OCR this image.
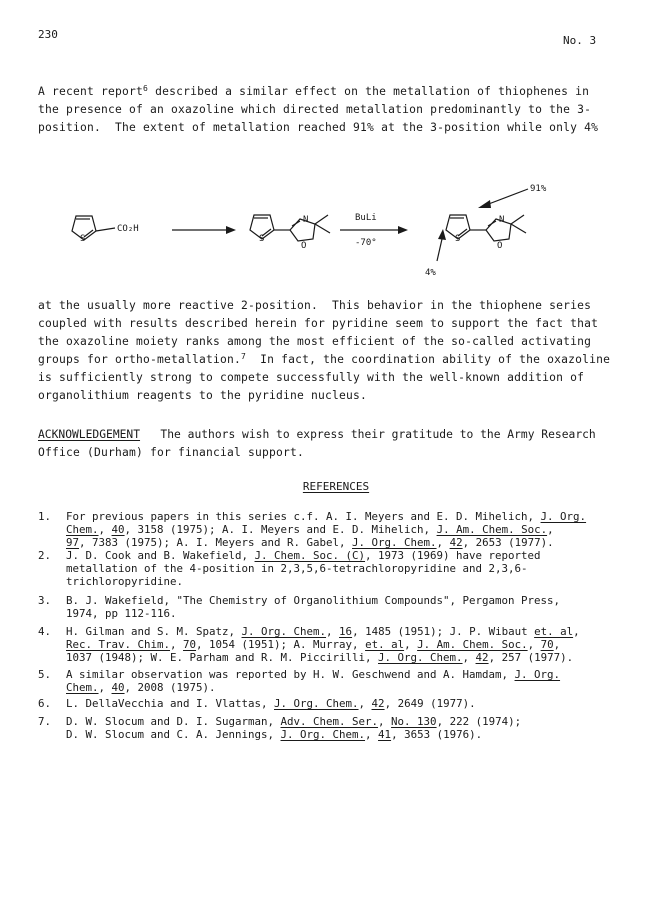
230	No. 3
A recent report$^6$ described a similar effect on the metallation of thiophenes in
the presence of an oxazoline which directed metallation predominantly to the 3-
position.  The extent of metallation reached 91% at the 3-position while only 4%
S
CO₂H
S
N
O
S
N
O
BuLi
-70°
91%
4%
at the usually more reactive 2-position.  This behavior in the thiophene series
coupled with results described herein for pyridine seem to support the fact that
the oxazoline moiety ranks among the most efficient of the so-called activating
groups for ortho-metallation.$^7$  In fact, the coordination ability of the oxazoline
is sufficiently strong to compete successfully with the well-known addition of
organolithium reagents to the pyridine nucleus.
ACKNOWLEDGEMENT   The authors wish to express their gratitude to the Army Research
Office (Durham) for financial support.
REFERENCES
1. For previous papers in this series c.f. A. I. Meyers and E. D. Mihelich, J. Org.
Chem., 40, 3158 (1975); A. I. Meyers and E. D. Mihelich, J. Am. Chem. Soc.,
97, 7383 (1975); A. I. Meyers and R. Gabel, J. Org. Chem., 42, 2653 (1977).
2. J. D. Cook and B. Wakefield, J. Chem. Soc. (C), 1973 (1969) have reported
metallation of the 4-position in 2,3,5,6-tetrachloropyridine and 2,3,6-
trichloropyridine.
3. B. J. Wakefield, "The Chemistry of Organolithium Compounds", Pergamon Press,
1974, pp 112-116.
4. H. Gilman and S. M. Spatz, J. Org. Chem., 16, 1485 (1951); J. P. Wibaut et. al,
Rec. Trav. Chim., 70, 1054 (1951); A. Murray, et. al, J. Am. Chem. Soc., 70,
1037 (1948); W. E. Parham and R. M. Piccirilli, J. Org. Chem., 42, 257 (1977).
5. A similar observation was reported by H. W. Geschwend and A. Hamdam, J. Org.
Chem., 40, 2008 (1975).
6. L. DellaVecchia and I. Vlattas, J. Org. Chem., 42, 2649 (1977).
7. D. W. Slocum and D. I. Sugarman, Adv. Chem. Ser., No. 130, 222 (1974);
D. W. Slocum and C. A. Jennings, J. Org. Chem., 41, 3653 (1976).
